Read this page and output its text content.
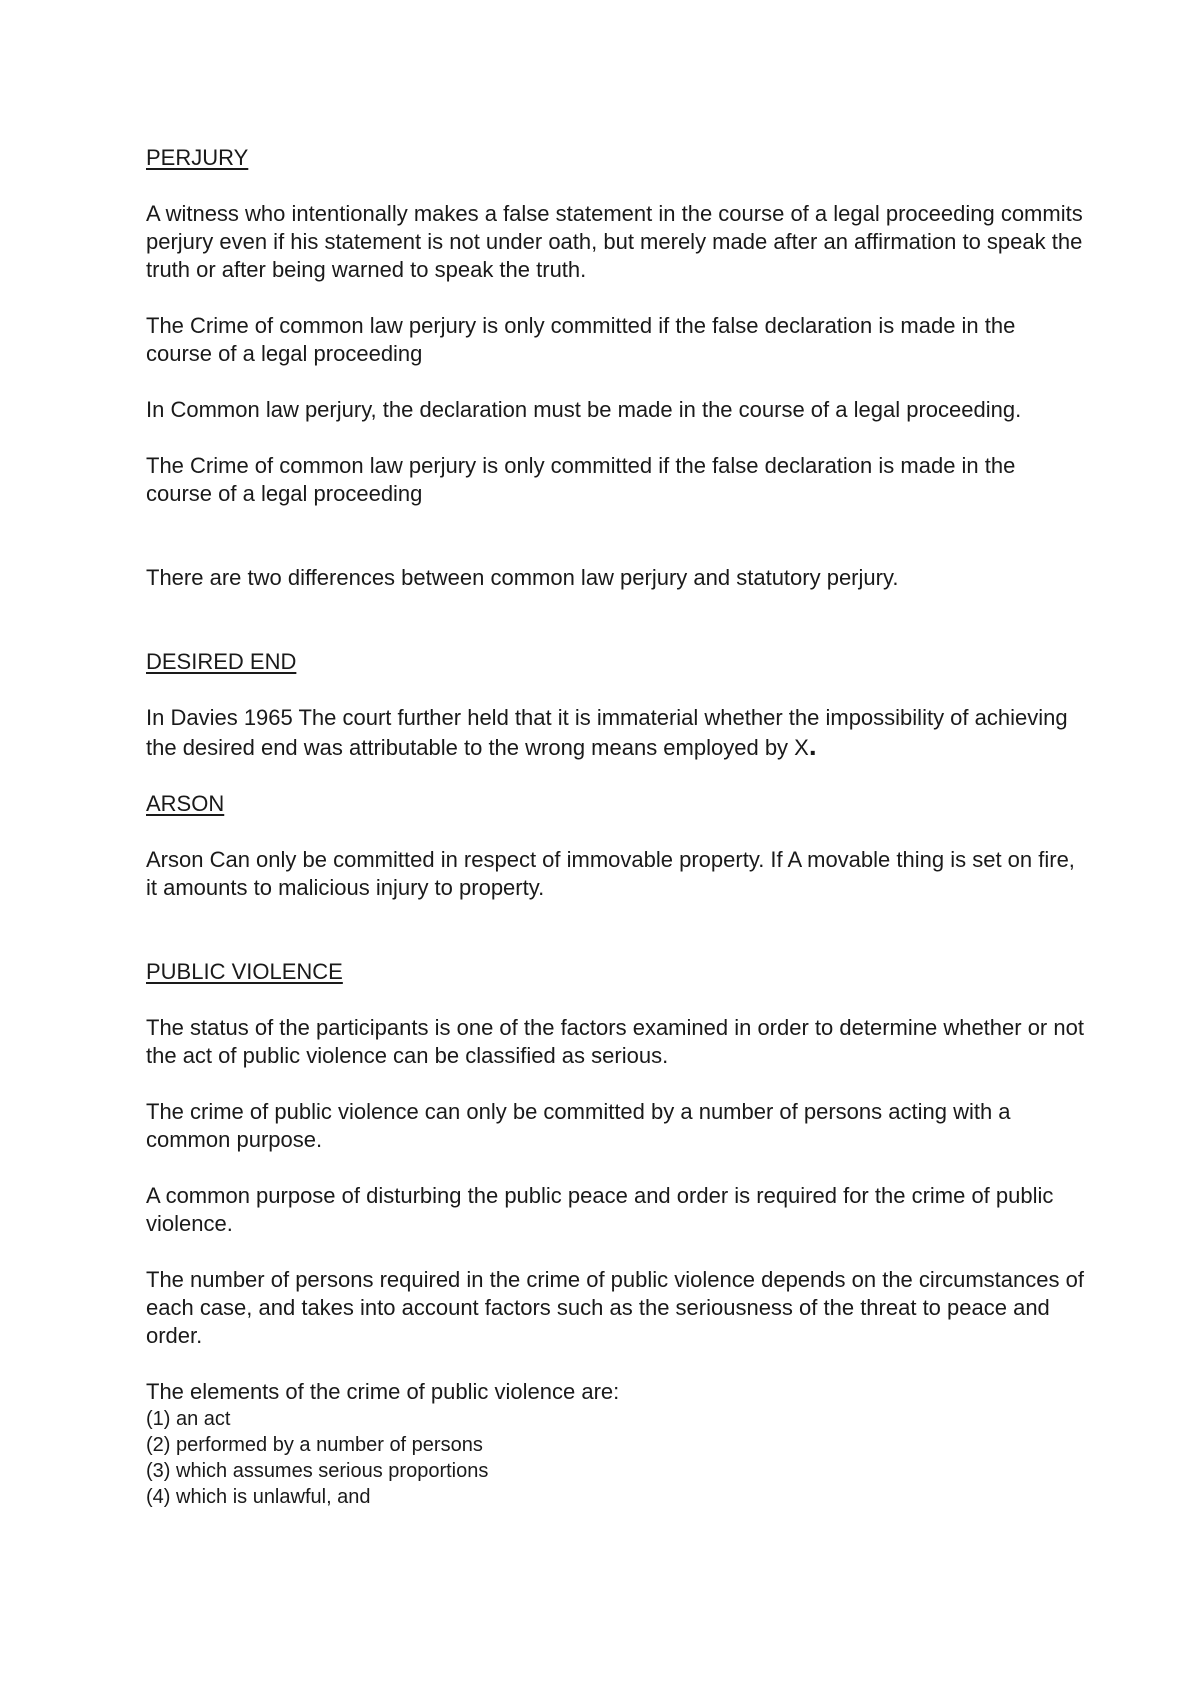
PERJURY

A witness who intentionally makes a false statement in the course of a legal proceeding commits perjury even if his statement is not under oath, but merely made after an affirmation to speak the truth or after being warned to speak the truth.

The Crime of common law perjury is only committed if the false declaration is made in the course of a legal proceeding

In Common law perjury, the declaration must be made in the course of a legal proceeding.

The Crime of common law perjury is only committed if the false declaration is made in the course of a legal proceeding

There are two differences between common law perjury and statutory perjury.

DESIRED END

In Davies 1965 The court further held that it is immaterial whether the impossibility of achieving the desired end was attributable to the wrong means employed by X.

ARSON

Arson Can only be committed in respect of immovable property. If A movable thing is set on fire, it amounts to malicious injury to property.

PUBLIC VIOLENCE

The status of the participants is one of the factors examined in order to determine whether or not the act of public violence can be classified as serious.

The crime of public violence can only be committed by a number of persons acting with a common purpose.

A common purpose of disturbing the public peace and order is required for the crime of public violence.

The number of persons required in the crime of public violence depends on the circumstances of each case, and takes into account factors such as the seriousness of the threat to peace and order.

The elements of the crime of public violence are:

(1) an act
(2) performed by a number of persons
(3) which assumes serious proportions
(4) which is unlawful, and
